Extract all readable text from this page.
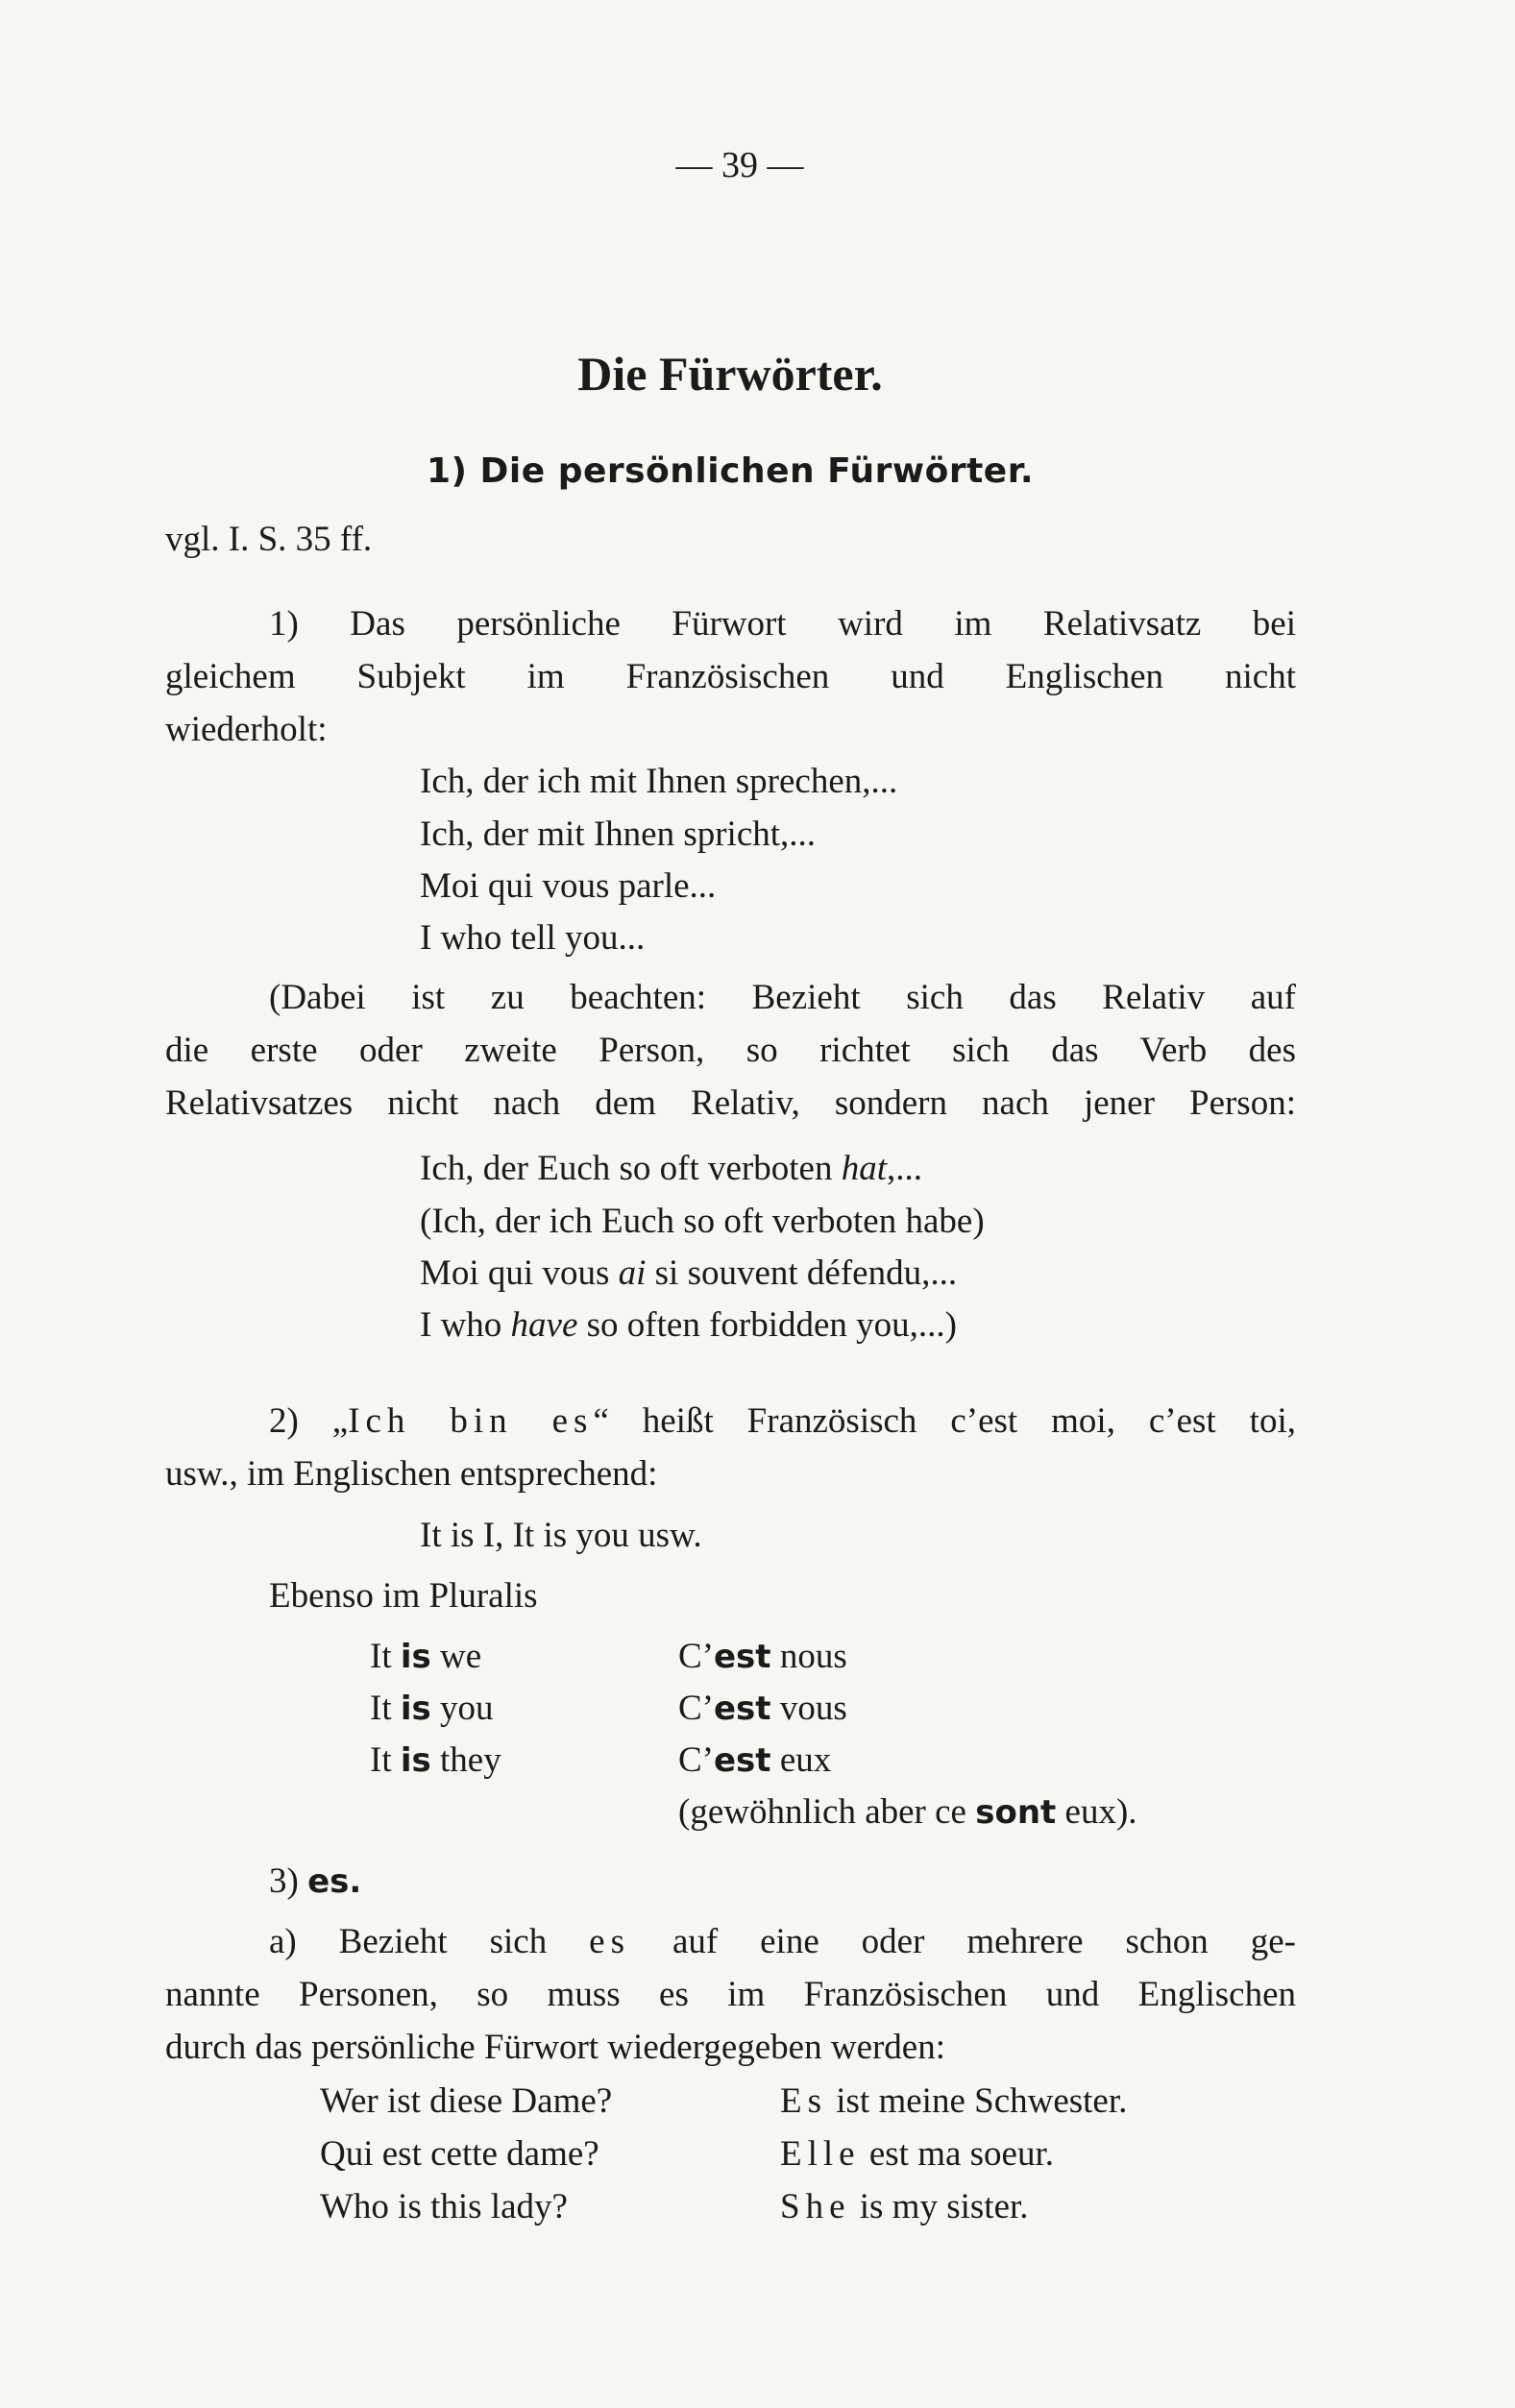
— 39 —
Die Fürwörter.
1) Die persönlichen Fürwörter.
vgl. I. S. 35 ff.
1) Das persönliche Fürwort wird im Relativsatz bei
gleichem Subjekt im Französischen und Englischen nicht
wiederholt:
Ich, der ich mit Ihnen sprechen,...
Ich, der mit Ihnen spricht,...
Moi qui vous parle...
I who tell you...
(Dabei ist zu beachten: Bezieht sich das Relativ auf
die erste oder zweite Person, so richtet sich das Verb des
Relativsatzes nicht nach dem Relativ, sondern nach jener Person:
Ich, der Euch so oft verboten hat,...
(Ich, der ich Euch so oft verboten habe)
Moi qui vous ai si souvent défendu,...
I who have so often forbidden you,...)
2) „Ich bin es“ heißt Französisch c’est moi, c’est toi,
usw., im Englischen entsprechend:
It is I, It is you usw.
Ebenso im Pluralis
It is we	C’est nous
It is you	C’est vous
It is they	C’est eux
(gewöhnlich aber ce sont eux).
3) es.
a) Bezieht sich es auf eine oder mehrere schon ge-
nannte Personen, so muss es im Französischen und Englischen
durch das persönliche Fürwort wiedergegeben werden:
Wer ist diese Dame?	Es ist meine Schwester.
Qui est cette dame?	Elle est ma soeur.
Who is this lady?	She is my sister.
